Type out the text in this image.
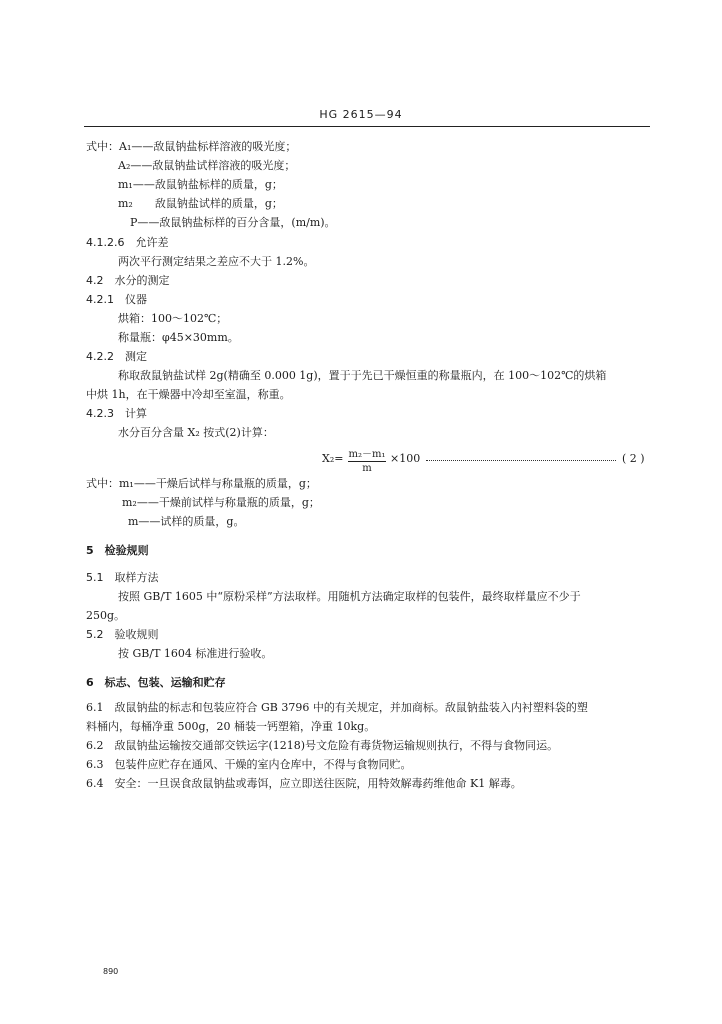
HG 2615—94
式中：A₁——敌鼠钠盐标样溶液的吸光度；
A₂——敌鼠钠盐试样溶液的吸光度；
m₁——敌鼠钠盐标样的质量，g；
m₂　　敌鼠钠盐试样的质量，g；
P——敌鼠钠盐标样的百分含量，(m/m)。
4.1.2.6　允许差
两次平行测定结果之差应不大于 1.2%。
4.2　水分的测定
4.2.1　仪器
烘箱：100～102℃；
称量瓶：φ45×30mm。
4.2.2　测定
称取敌鼠钠盐试样 2g(精确至 0.000 1g)，置于于先已干燥恒重的称量瓶内，在 100～102℃的烘箱
中烘 1h，在干燥器中冷却至室温，称重。
4.2.3　计算
水分百分含量 X₂ 按式(2)计算：
X₂= m₂－m₁
m
×100	( 2 )
式中：m₁——干燥后试样与称量瓶的质量，g；
m₂——干燥前试样与称量瓶的质量，g；
m——试样的质量，g。
5　检验规则
5.1　取样方法
按照 GB/T 1605 中“原粉采样”方法取样。用随机方法确定取样的包装件，最终取样量应不少于
250g。
5.2　验收规则
按 GB/T 1604 标准进行验收。
6　标志、包装、运输和贮存
6.1　敌鼠钠盐的标志和包装应符合 GB 3796 中的有关规定，并加商标。敌鼠钠盐装入内衬塑料袋的塑
料桶内，每桶净重 500g，20 桶装一钙塑箱，净重 10kg。
6.2　敌鼠钠盐运输按交通部交铁运字(1218)号文危险有毒货物运输规则执行，不得与食物同运。
6.3　包装件应贮存在通风、干燥的室内仓库中，不得与食物同贮。
6.4　安全：一旦误食敌鼠钠盐或毒饵，应立即送往医院，用特效解毒药维他命 K1 解毒。
890
